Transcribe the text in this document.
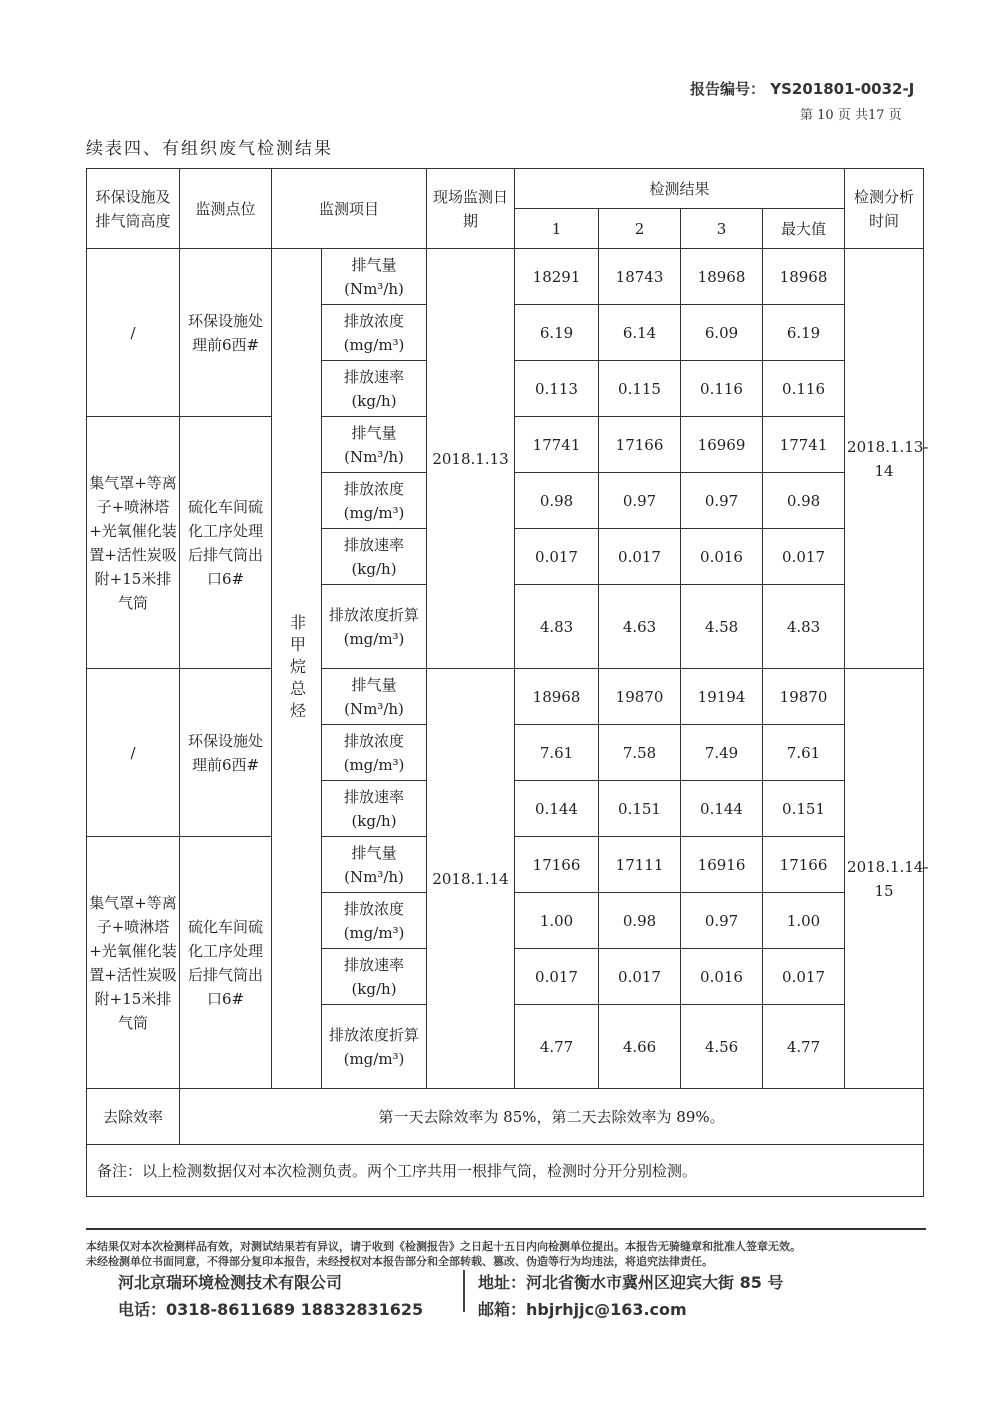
报告编号： YS201801-0032-J
第 10 页 共17 页
续表四、有组织废气检测结果
环保设施及排气筒高度	监测点位	监测项目		现场监测日期	检测结果				检测分析时间
					1	2	3	最大值	
/	环保设施处理前6西#	非甲烷总烃	排气量(Nm³/h)	2018.1.13	18291	18743	18968	18968	2018.1.13-14
			排放浓度(mg/m³)		6.19	6.14	6.09	6.19	
			排放速率(kg/h)		0.113	0.115	0.116	0.116	
集气罩+等离子+喷淋塔+光氧催化装置+活性炭吸附+15米排气筒	硫化车间硫化工序处理后排气筒出口6#		排气量(Nm³/h)		17741	17166	16969	17741	
			排放浓度(mg/m³)		0.98	0.97	0.97	0.98	
			排放速率(kg/h)		0.017	0.017	0.016	0.017	
			排放浓度折算(mg/m³)		4.83	4.63	4.58	4.83	
/	环保设施处理前6西#		排气量(Nm³/h)	2018.1.14	18968	19870	19194	19870	2018.1.14-15
			排放浓度(mg/m³)		7.61	7.58	7.49	7.61	
			排放速率(kg/h)		0.144	0.151	0.144	0.151	
集气罩+等离子+喷淋塔+光氧催化装置+活性炭吸附+15米排气筒	硫化车间硫化工序处理后排气筒出口6#		排气量(Nm³/h)		17166	17111	16916	17166	
			排放浓度(mg/m³)		1.00	0.98	0.97	1.00	
			排放速率(kg/h)		0.017	0.017	0.016	0.017	
			排放浓度折算(mg/m³)		4.77	4.66	4.56	4.77	
去除效率	第一天去除效率为 85%，第二天去除效率为 89%。								
备注：以上检测数据仅对本次检测负责。两个工序共用一根排气筒，检测时分开分别检测。									
本结果仅对本次检测样品有效，对测试结果若有异议，请于收到《检测报告》之日起十五日内向检测单位提出。本报告无骑缝章和批准人签章无效。
未经检测单位书面同意，不得部分复印本报告，未经授权对本报告部分和全部转载、篡改、伪造等行为均违法，将追究法律责任。
河北京瑞环境检测技术有限公司
电话：0318-8611689 18832831625
地址：河北省衡水市冀州区迎宾大街 85 号
邮箱：hbjrhjjc@163.com
